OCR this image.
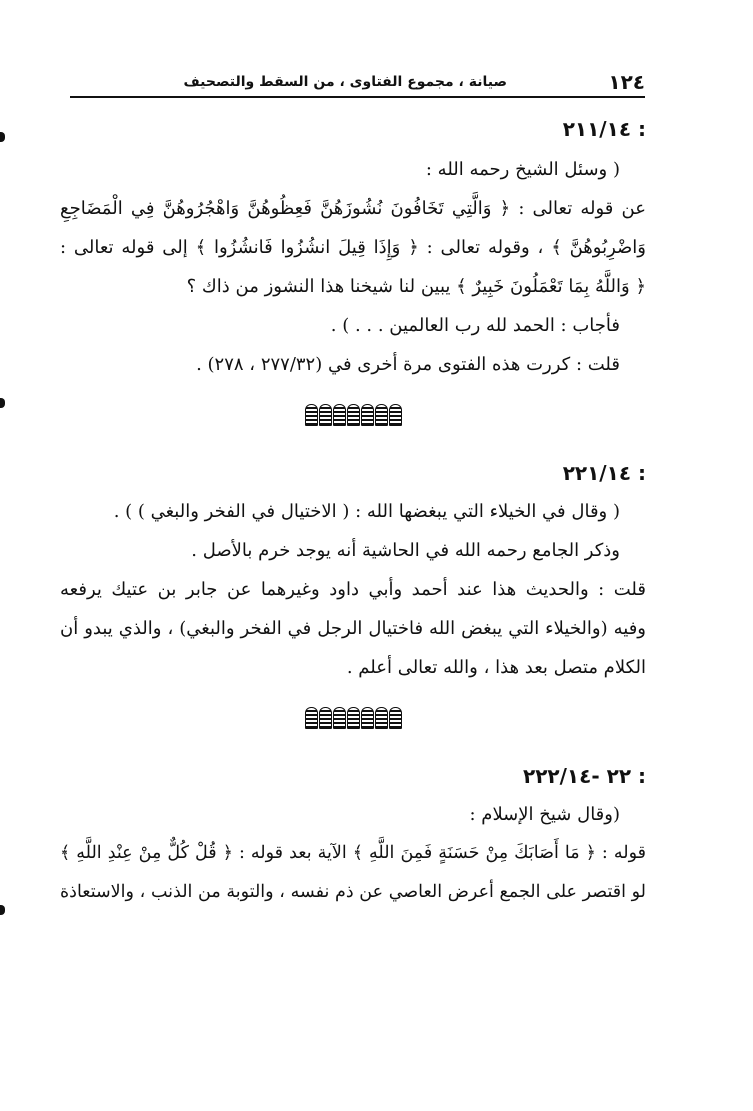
١٢٤
صيانة ، مجموع الفتاوى ، من السقط والتصحيف
: ٢١١/١٤
( وسئل الشيخ رحمه الله :
عن قوله تعالى : ﴿ وَالَّتِي تَخَافُونَ نُشُوزَهُنَّ فَعِظُوهُنَّ وَاهْجُرُوهُنَّ فِي الْمَضَاجِعِ
وَاضْرِبُوهُنَّ ﴾ ، وقوله تعالى : ﴿ وَإِذَا قِيلَ انشُزُوا فَانشُزُوا ﴾ إلى قوله تعالى :
﴿ وَاللَّهُ بِمَا تَعْمَلُونَ خَبِيرٌ ﴾ يبين لنا شيخنا هذا النشوز من ذاك ؟
فأجاب : الحمد لله رب العالمين . . . ) .
قلت : كررت هذه الفتوى مرة أخرى في (٢٧٧/٣٢ ، ٢٧٨) .
: ٢٢١/١٤
( وقال في الخيلاء التي يبغضها الله : ( الاختيال في الفخر والبغي ) ) .
وذكر الجامع رحمه الله في الحاشية أنه يوجد خرم بالأصل .
قلت : والحديث هذا عند أحمد وأبي داود وغيرهما عن جابر بن عتيك يرفعه
وفيه (والخيلاء التي يبغض الله فاختيال الرجل في الفخر والبغي) ، والذي يبدو أن
الكلام متصل بعد هذا ، والله تعالى أعلم .
: ٢٢ -٢٢٢/١٤
(وقال شيخ الإسلام :
قوله : ﴿ مَا أَصَابَكَ مِنْ حَسَنَةٍ فَمِنَ اللَّهِ ﴾ الآية بعد قوله : ﴿ قُلْ كُلٌّ مِنْ عِنْدِ اللَّهِ ﴾
لو اقتصر على الجمع أعرض العاصي عن ذم نفسه ، والتوبة من الذنب ، والاستعاذة
